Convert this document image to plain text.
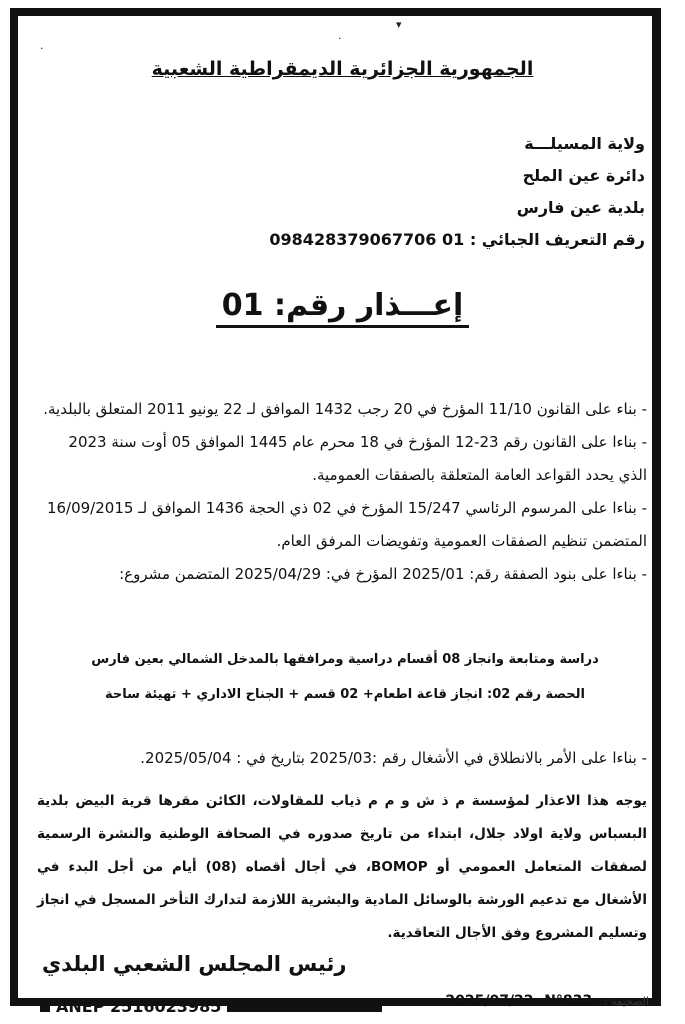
·
▾
·
الجمهورية الجزائرية الديمقراطية الشعبية
ولاية المسيلـــة
دائرة عين الملح
بلدية عين فارس
رقم التعريف الجبائي : 01 098428379067706
إعـــذار رقم: 01

- بناء على القانون 11/10 المؤرخ في 20 رجب 1432 الموافق لـ 22 يونيو 2011 المتعلق بالبلدية.

- بناءا على القانون رقم 23-12 المؤرخ في 18 محرم عام 1445 الموافق 05 أوت سنة 2023 الذي يحدد القواعد العامة المتعلقة بالصفقات العمومية.

- بناءا على المرسوم الرئاسي 15/247 المؤرخ في 02 ذي الحجة 1436 الموافق لـ 16/09/2015 المتضمن تنظيم الصفقات العمومية وتفويضات المرفق العام.

- بناءا على بنود الصفقة رقم: 2025/01 المؤرخ في: 2025/04/29 المتضمن مشروع:

دراسة ومتابعة وانجاز 08 أقسام دراسية ومرافقها بالمدخل الشمالي بعين فارس
الحصة رقم 02: انجاز قاعة اطعام+ 02 قسم + الجناح الاداري + تهيئة ساحة
- بناءا على الأمر بالانطلاق في الأشغال رقم :2025/03 بتاريخ في : 2025/05/04.
يوجه هذا الاعذار لمؤسسة م ذ ش و م م ذياب للمقاولات، الكائن مقرها قرية البيض بلدية البسباس ولاية اولاد جلال، ابتداء من تاريخ صدوره في الصحافة الوطنية والنشرة الرسمية لصفقات المتعامل العمومي أو BOMOP، في أجال أقصاه (08) أيام من أجل البدء في الأشغال مع تدعيم الورشة بالوسائل المادية والبشرية اللازمة لتدارك التأخر المسجل في انجاز وتسليم المشروع وفق الأجال التعاقدية.
رئيس المجلس الشعبي البلدي
ANEP 2516023985	الصحيفة :
2025/07/22 -N°833-
